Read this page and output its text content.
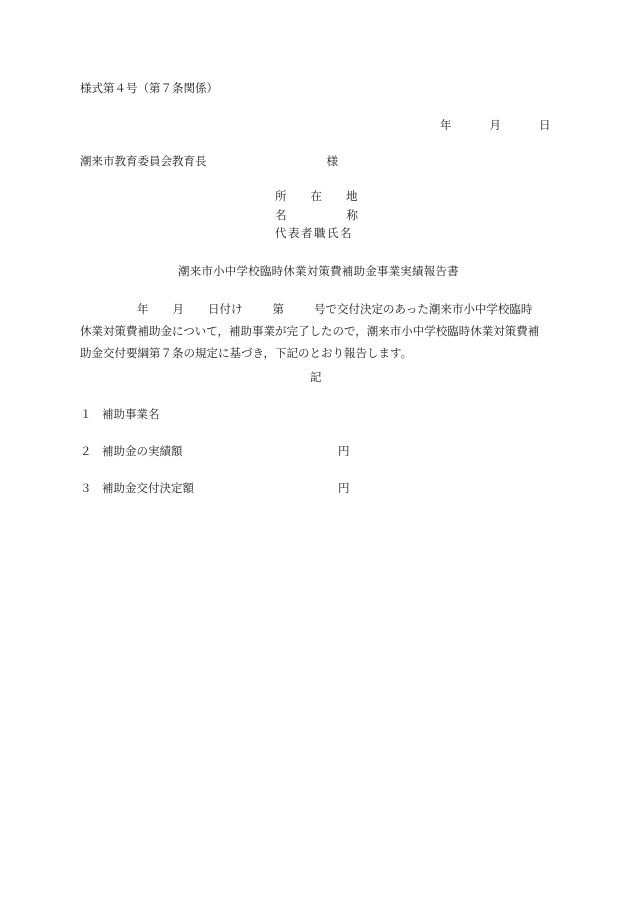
様式第４号（第７条関係）
年	月	日
潮来市教育委員会教育長	様
所 在 地
名	称
代表者職氏名
潮来市小中学校臨時休業対策費補助金事業実績報告書
年 月 日付け	第	号で交付決定のあった潮来市小中学校臨時
休業対策費補助金について，補助事業が完了したので，潮来市小中学校臨時休業対策費補
助金交付要綱第７条の規定に基づき，下記のとおり報告します。
記
１ 補助事業名
２ 補助金の実績額	円
３ 補助金交付決定額	円
